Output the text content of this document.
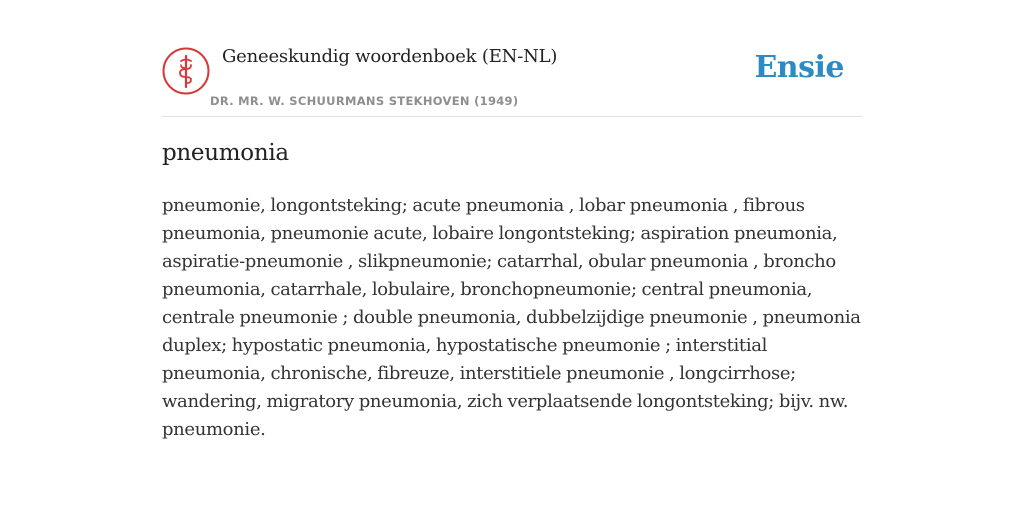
Geneeskundig woordenboek (EN-NL)
DR. MR. W. SCHUURMANS STEKHOVEN (1949)
Ensie
pneumonia

pneumonie, longontsteking; acute pneumonia , lobar pneumonia , fibrous pneumonia, pneumonie acute, lobaire longontsteking; aspiration pneumonia, aspiratie-pneumonie , slikpneumonie; catarrhal, obular pneumonia , broncho pneumonia, catarrhale, lobulaire, bronchopneumonie; central pneumonia, centrale pneumonie ; double pneumonia, dubbelzijdige pneumonie , pneumonia duplex; hypostatic pneumonia, hypostatische pneumonie ; interstitial pneumonia, chronische, fibreuze, interstitiele pneumonie , longcirrhose; wandering, migratory pneumonia, zich verplaatsende longontsteking; bijv. nw. pneumonie.
